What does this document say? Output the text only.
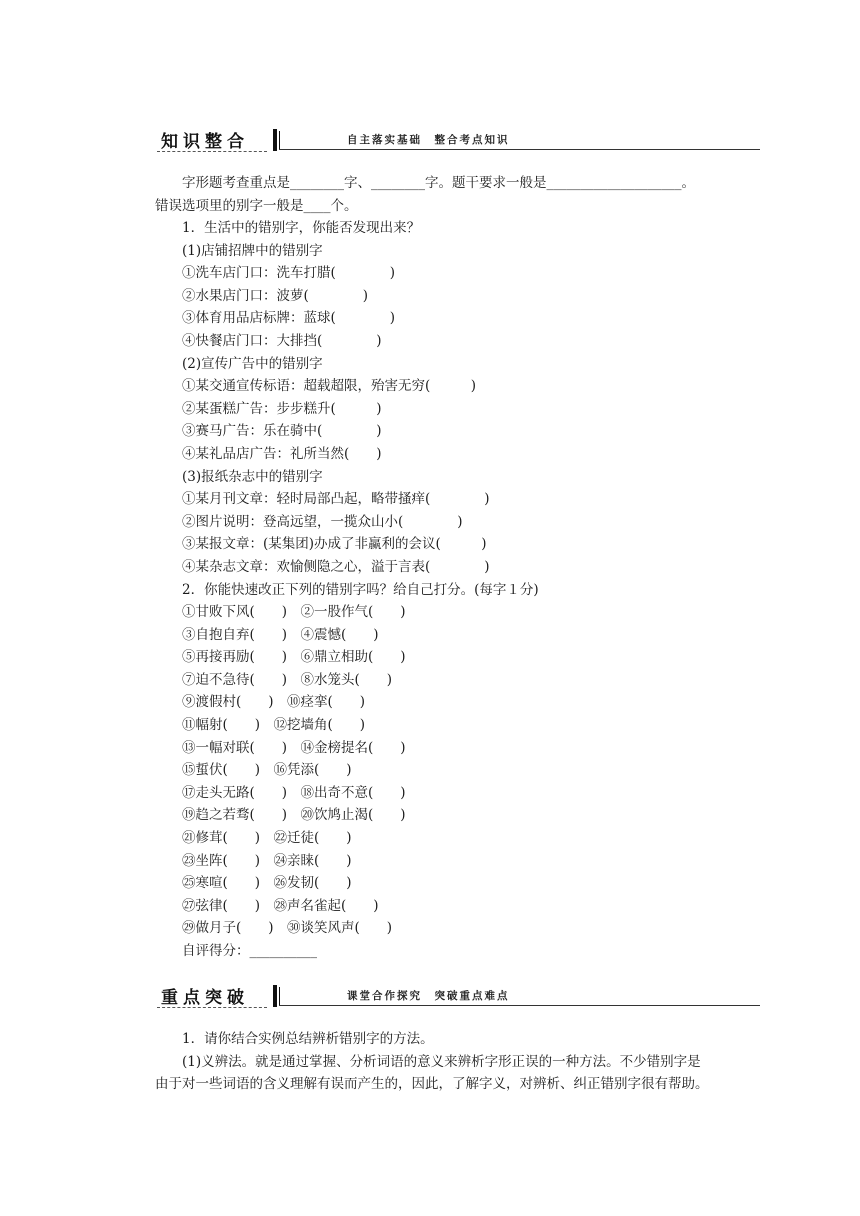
知识整合	自主落实基础　整合考点知识
字形题考查重点是________字、________字。题干要求一般是____________________。
错误选项里的别字一般是____个。
1．生活中的错别字，你能否发现出来？
(1)店铺招牌中的错别字
①洗车店门口：洗车打腊(　　　　)
②水果店门口：波萝(　　　　)
③体育用品店标牌：蓝球(　　　　)
④快餐店门口：大排挡(　　　　)
(2)宣传广告中的错别字
①某交通宣传标语：超载超限，殆害无穷(　　　)
②某蛋糕广告：步步糕升(　　　)
③赛马广告：乐在骑中(　　　　)
④某礼品店广告：礼所当然(　　)
(3)报纸杂志中的错别字
①某月刊文章：轻时局部凸起，略带搔痒(　　　　)
②图片说明：登高远望，一揽众山小(　　　　)
③某报文章：(某集团)办成了非赢利的会议(　　　)
④某杂志文章：欢愉侧隐之心，溢于言表(　　　　)
2．你能快速改正下列的错别字吗？给自己打分。(每字１分)
①甘败下风(　　)　②一股作气(　　)
③自抱自弃(　　)　④震憾(　　)
⑤再接再励(　　)　⑥鼎立相助(　　)
⑦迫不急待(　　)　⑧水笼头(　　)
⑨渡假村(　　)　⑩痉挛(　　)
⑪幅射(　　)　⑫挖墙角(　　)
⑬一幅对联(　　)　⑭金榜提名(　　)
⑮蜇伏(　　)　⑯凭添(　　)
⑰走头无路(　　)　⑱出奇不意(　　)
⑲趋之若骛(　　)　⑳饮鸠止渴(　　)
㉑修茸(　　)　㉒迁徒(　　)
㉓坐阵(　　)　㉔亲睐(　　)
㉕寒喧(　　)　㉖发韧(　　)
㉗弦律(　　)　㉘声名雀起(　　)
㉙做月子(　　)　㉚谈笑风声(　　)
自评得分：__________
重点突破	课堂合作探究　突破重点难点
1．请你结合实例总结辨析错别字的方法。
(1)义辨法。就是通过掌握、分析词语的意义来辨析字形正误的一种方法。不少错别字是
由于对一些词语的含义理解有误而产生的，因此，了解字义，对辨析、纠正错别字很有帮助。
